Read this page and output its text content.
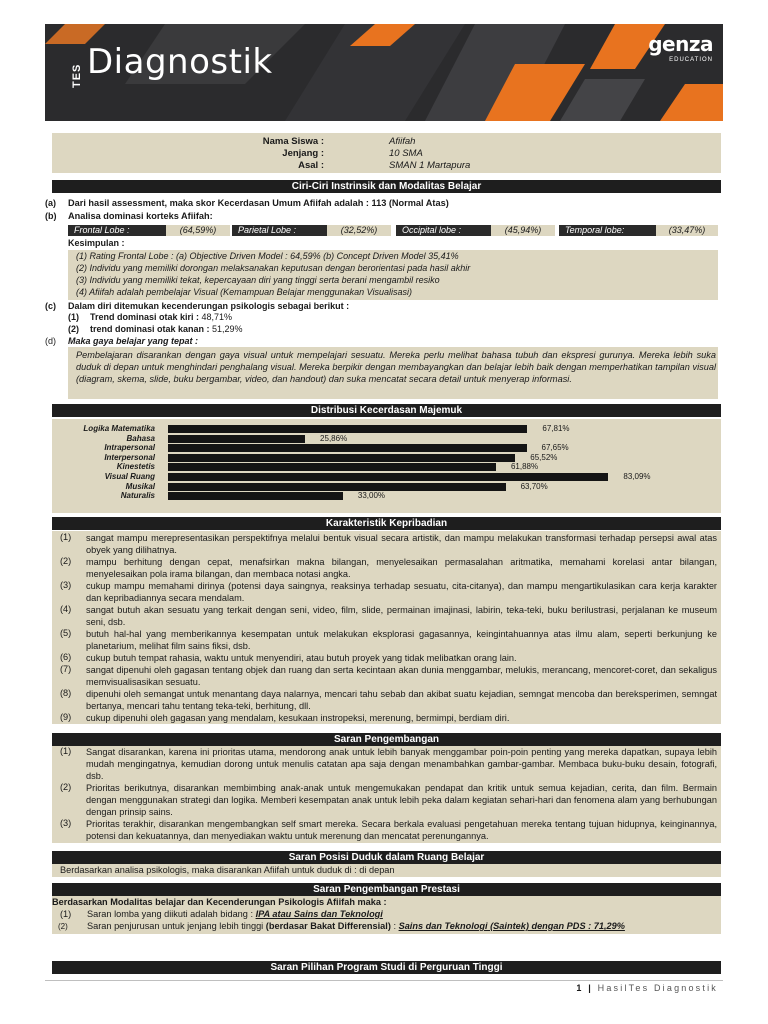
TES Diagnostik	genza
EDUCATION
Nama Siswa :	Afiifah
Jenjang :	10 SMA
Asal :	SMAN 1 Martapura
Ciri-Ciri Instrinsik dan Modalitas Belajar
(a) Dari hasil assessment, maka skor Kecerdasan Umum Afiifah adalah : 113 (Normal Atas)
(b) Analisa dominasi korteks Afiifah:
Frontal Lobe :	(64,59%)	Parietal Lobe :	(32,52%)	Occipital lobe :	(45,94%)	Temporal lobe:	(33,47%)
Kesimpulan :
(1) Rating Frontal Lobe : (a) Objective Driven Model : 64,59% (b) Concept Driven Model 35,41%
(2) Individu yang memiliki dorongan melaksanakan keputusan dengan berorientasi pada hasil akhir
(3) Individu yang memiliki tekat, kepercayaan diri yang tinggi serta berani mengambil resiko
(4) Afiifah adalah pembelajar Visual (Kemampuan Belajar menggunakan Visualisasi)
(c) Dalam diri ditemukan kecenderungan psikologis sebagai berikut :
(1) Trend dominasi otak kiri : 48,71%
(2) trend dominasi otak kanan : 51,29%
(d) Maka gaya belajar yang tepat :
Pembelajaran disarankan dengan gaya visual untuk mempelajari sesuatu. Mereka perlu melihat bahasa tubuh dan ekspresi gurunya. Mereka lebih suka duduk di depan untuk menghindari penghalang visual. Mereka berpikir dengan membayangkan dan belajar lebih baik dengan memperhatikan tampilan visual (diagram, skema, slide, buku bergambar, video, dan handout) dan suka mencatat secara detail untuk menyerap informasi.
Distribusi Kecerdasan Majemuk
Logika Matematika	67,81%
Bahasa	25,86%
Intrapersonal	67,65%
Interpersonal	65,52%
Kinestetis	61,88%
Visual Ruang	83,09%
Musikal	63,70%
Naturalis	33,00%
Karakteristik Kepribadian
(1) sangat mampu merepresentasikan perspektifnya melalui bentuk visual secara artistik, dan mampu melakukan transformasi terhadap persepsi awal atas obyek yang dilihatnya.
(2) mampu berhitung dengan cepat, menafsirkan makna bilangan, menyelesaikan permasalahan aritmatika, memahami korelasi antar bilangan, menyelesaikan pola irama bilangan, dan membaca notasi angka.
(3) cukup mampu memahami dirinya (potensi daya saingnya, reaksinya terhadap sesuatu, cita-citanya), dan mampu mengartikulasikan cara kerja karakter dan kepribadiannya secara mendalam.
(4) sangat butuh akan sesuatu yang terkait dengan seni, video, film, slide, permainan imajinasi, labirin, teka-teki, buku berilustrasi, perjalanan ke museum seni, dsb.
(5) butuh hal-hal yang memberikannya kesempatan untuk melakukan eksplorasi gagasannya, keingintahuannya atas ilmu alam, seperti berkunjung ke planetarium, melihat film sains fiksi, dsb.
(6) cukup butuh tempat rahasia, waktu untuk menyendiri, atau butuh proyek yang tidak melibatkan orang lain.
(7) sangat dipenuhi oleh gagasan tentang objek dan ruang dan serta kecintaan akan dunia menggambar, melukis, merancang, mencoret-coret, dan sekaligus memvisualisasikan sesuatu.
(8) dipenuhi oleh semangat untuk menantang daya nalarnya, mencari tahu sebab dan akibat suatu kejadian, semngat mencoba dan bereksperimen, semngat bertanya, mencari tahu tentang teka-teki, berhitung, dll.
(9) cukup dipenuhi oleh gagasan yang mendalam, kesukaan instropeksi, merenung, bermimpi, berdiam diri.
Saran Pengembangan
(1) Sangat disarankan, karena ini prioritas utama, mendorong anak untuk lebih banyak menggambar poin-poin penting yang mereka dapatkan, supaya lebih mudah mengingatnya, kemudian dorong untuk menulis catatan apa saja dengan menambahkan gambar-gambar. Membaca buku-buku desain, fotografi, dsb.
(2) Prioritas berikutnya, disarankan membimbing anak-anak untuk mengemukakan pendapat dan kritik untuk semua kejadian, cerita, dan film. Bermain dengan menggunakan strategi dan logika. Memberi kesempatan anak untuk lebih peka dalam kegiatan sehari-hari dan fenomena alam yang berhubungan dengan prinsip sains.
(3) Prioritas terakhir, disarankan mengembangkan self smart mereka. Secara berkala evaluasi pengetahuan mereka tentang tujuan hidupnya, keinginannya, potensi dan kekuatannya, dan menyediakan waktu untuk merenung dan mencatat perenungannya.
Saran Posisi Duduk dalam Ruang Belajar
Berdasarkan analisa psikologis, maka disarankan Afiifah untuk duduk di : di depan
Saran Pengembangan Prestasi
Berdasarkan Modalitas belajar dan Kecenderungan Psikologis Afiifah maka :
(1) Saran lomba yang diikuti adalah bidang : IPA atau Sains dan Teknologi
(2) Saran penjurusan untuk jenjang lebih tinggi (berdasar Bakat Differensial) : Sains dan Teknologi (Saintek) dengan PDS : 71,29%
Saran Pilihan Program Studi di Perguruan Tinggi
1 | HasilTes Diagnostik
